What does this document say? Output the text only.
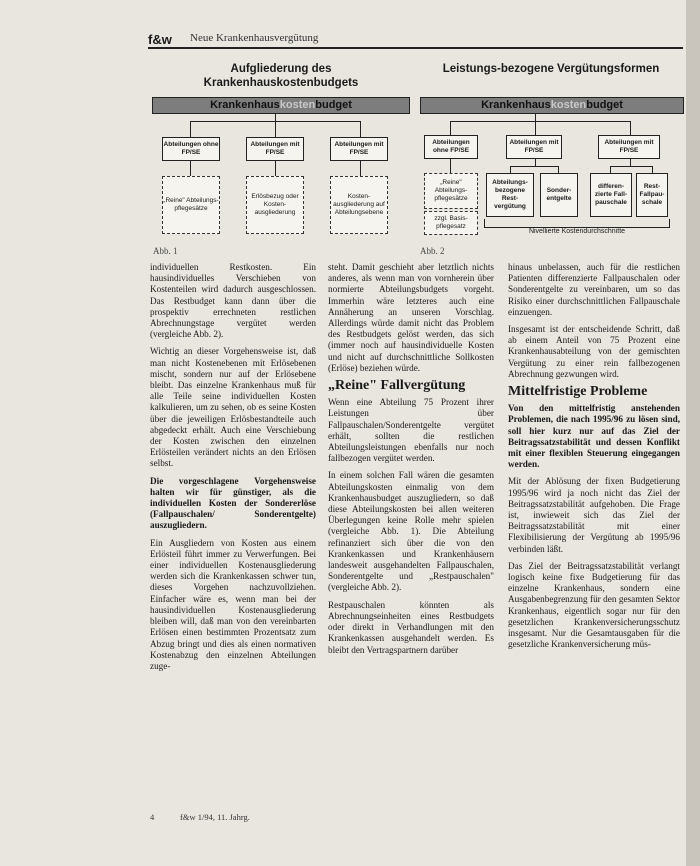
f&w Neue Krankenhausvergütung
Aufgliederung des Krankenhauskostenbudgets
Krankenhauskostenbudget
Abteilungen ohne FP/SE
Abteilungen mit FP/SE
Abteilungen mit FP/SE
„Reine" Abteilungs-pflegesätze
Erlösbezug oder Kosten-ausgliederung
Kosten-ausgliederung auf Abteilungsebene
Abb. 1
Leistungs-bezogene Vergütungsformen
Krankenhauskostenbudget
Abteilungen ohne FP/SE
Abteilungen mit FP/SE
Abteilungen mit FP/SE
„Reine" Abteilungs-pflegesätze
zzgl. Basis-pflegesatz
Abteilungs-bezogene Rest-vergütung
Sonder-entgelte
differen-zierte Fall-pauschale
Rest-Fallpau-schale
Nivellierte Kostendurchschnitte
Abb. 2

individuellen Restkosten. Ein hausindividuelles Verschieben von Kostenteilen wird dadurch ausgeschlossen. Das Restbudget kann dann über die prospektiv errechneten restlichen Abrechnungstage vergütet werden (vergleiche Abb. 2).

Wichtig an dieser Vorgehensweise ist, daß man nicht Kostenebenen mit Erlösebenen mischt, sondern nur auf der Erlösebene bleibt. Das einzelne Krankenhaus muß für alle Teile seine individuellen Kosten kalkulieren, um zu sehen, ob es seine Kosten über die jeweiligen Erlösbestandteile auch abgedeckt erhält. Auch eine Verschiebung der Kosten zwischen den einzelnen Erlösteilen verändert nichts an den Erlösen selbst.

Die vorgeschlagene Vorgehensweise halten wir für günstiger, als die individuellen Kosten der Sondererlöse (Fallpauschalen/ Sonderentgelte) auszugliedern.

Ein Ausgliedern von Kosten aus einem Erlösteil führt immer zu Verwerfungen. Bei einer individuellen Kostenausgliederung werden sich die Krankenkassen schwer tun, dieses Vorgehen nachzuvollziehen. Einfacher wäre es, wenn man bei der hausindividuellen Kostenausgliederung bleiben will, daß man von den vereinbarten Erlösen einen bestimmten Prozentsatz zum Abzug bringt und dies als einen normativen Kostenabzug den einzelnen Abteilungen zuge-

steht. Damit geschieht aber letztlich nichts anderes, als wenn man von vornherein über normierte Abteilungsbudgets vorgeht. Immerhin wäre letzteres auch eine Annäherung an unseren Vorschlag. Allerdings würde damit nicht das Problem des Restbudgets gelöst werden, das sich (immer noch auf hausindividuelle Kosten und nicht auf durchschnittliche Sollkosten (Erlöse) beziehen würde.

„Reine" Fallvergütung

Wenn eine Abteilung 75 Prozent ihrer Leistungen über Fallpauschalen/Sonderentgelte vergütet erhält, sollten die restlichen Abteilungsleistungen ebenfalls nur noch fallbezogen vergütet werden.

In einem solchen Fall wären die gesamten Abteilungskosten einmalig von dem Krankenhausbudget auszugliedern, so daß diese Abteilungskosten bei allen weiteren Überlegungen keine Rolle mehr spielen (vergleiche Abb. 1). Die Abteilung refinanziert sich über die von den Krankenkassen und Krankenhäusern landesweit ausgehandelten Fallpauschalen, Sonderentgelte und „Restpauschalen" (vergleiche Abb. 2).

Restpauschalen könnten als Abrechnungseinheiten eines Restbudgets oder direkt in Verhandlungen mit den Krankenkassen ausgehandelt werden. Es bleibt den Vertragspartnern darüber

hinaus unbelassen, auch für die restlichen Patienten differenzierte Fallpauschalen oder Sonderentgelte zu vereinbaren, um so das Risiko einer durchschnittlichen Fallpauschale einzuengen.

Insgesamt ist der entscheidende Schritt, daß ab einem Anteil von 75 Prozent eine Krankenhausabteilung von der gemischten Vergütung zu einer rein fallbezogenen Abrechnung gezwungen wird.

Mittelfristige Probleme

Von den mittelfristig anstehenden Problemen, die nach 1995/96 zu lösen sind, soll hier kurz nur auf das Ziel der Beitragssatzstabilität und dessen Konflikt mit einer flexiblen Steuerung eingegangen werden.

Mit der Ablösung der fixen Budgetierung 1995/96 wird ja noch nicht das Ziel der Beitragssatzstabilität aufgehoben. Die Frage ist, inwieweit sich das Ziel der Beitragssatzstabilität mit einer Flexibilisierung der Vergütung ab 1995/96 verbinden läßt.

Das Ziel der Beitragssatzstabilität verlangt logisch keine fixe Budgetierung für das einzelne Krankenhaus, sondern eine Ausgabenbegrenzung für den gesamten Sektor Krankenhaus, eigentlich sogar nur für den gesetzlichen Krankenversicherungsschutz insgesamt. Nur die Gesamtausgaben für die gesetzliche Krankenversicherung müs-

4	f&w 1/94, 11. Jahrg.
